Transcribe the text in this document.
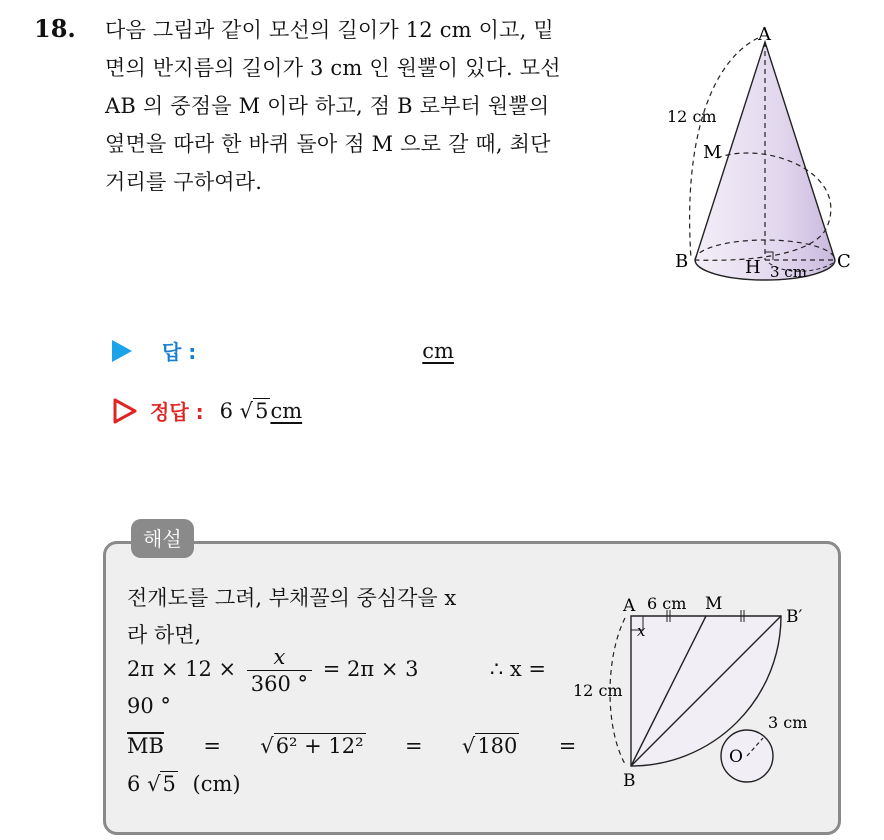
18. 다음 그림과 같이 모선의 길이가 12 cm 이고, 밑
면의 반지름의 길이가 3 cm 인 원뿔이 있다. 모선
AB 의 중점을 M 이라 하고, 점 B 로부터 원뿔의
옆면을 따라 한 바퀴 돌아 점 M 으로 갈 때, 최단
거리를 구하여라.
A
12 cm
M
B	H 3 cm C
답 :	cm
정답 : 6 √5cm
해설
전개도를 그려, 부채꼴의 중심각을 x
라 하면,
$2\pi \times 12 \times \frac{x}{360 ^\circ} = 2\pi \times 3$	∴ x =
90 °
$\overline{MB} = √6^2 + 12^2 = √180$ =
6 √5 (cm)
A 6 cm M
B′
x
12 cm
B
O
3 cm
